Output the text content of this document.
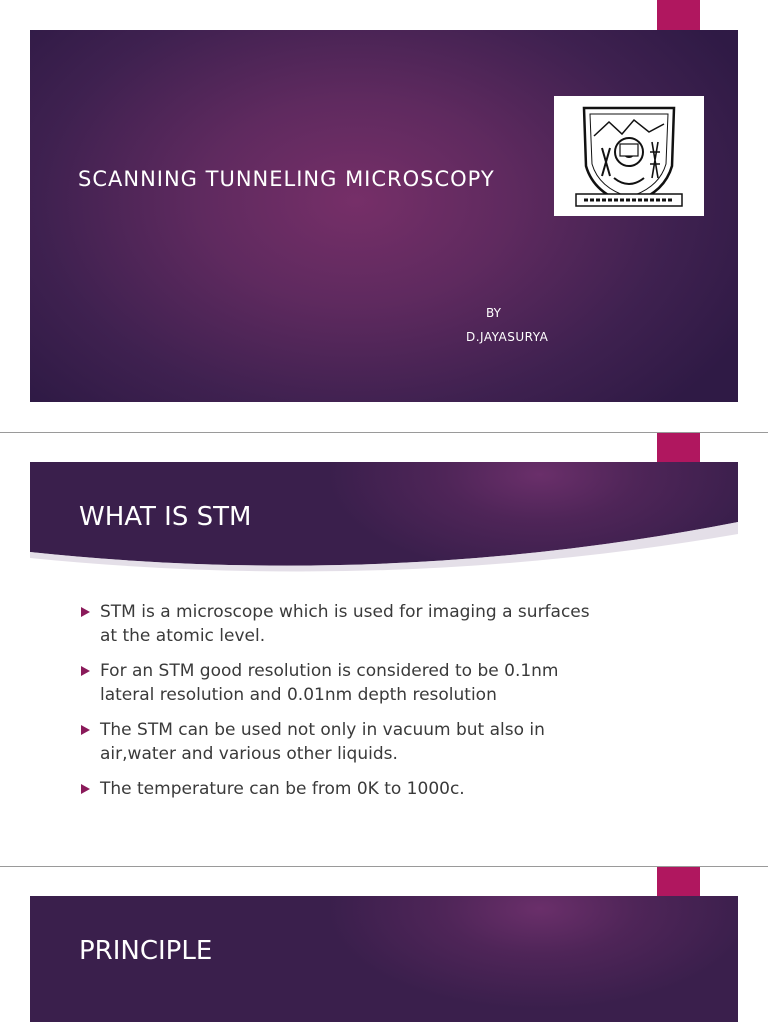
SCANNING TUNNELING MICROSCOPY
BY
D.JAYASURYA
WHAT IS STM
STM is a microscope which is used for imaging a surfaces at the atomic level.
For an STM good resolution is considered to be 0.1nm lateral resolution and 0.01nm depth resolution
The STM can be used not only in vacuum but also in air,water and various other liquids.
The temperature can be from 0K to 1000c.
PRINCIPLE
